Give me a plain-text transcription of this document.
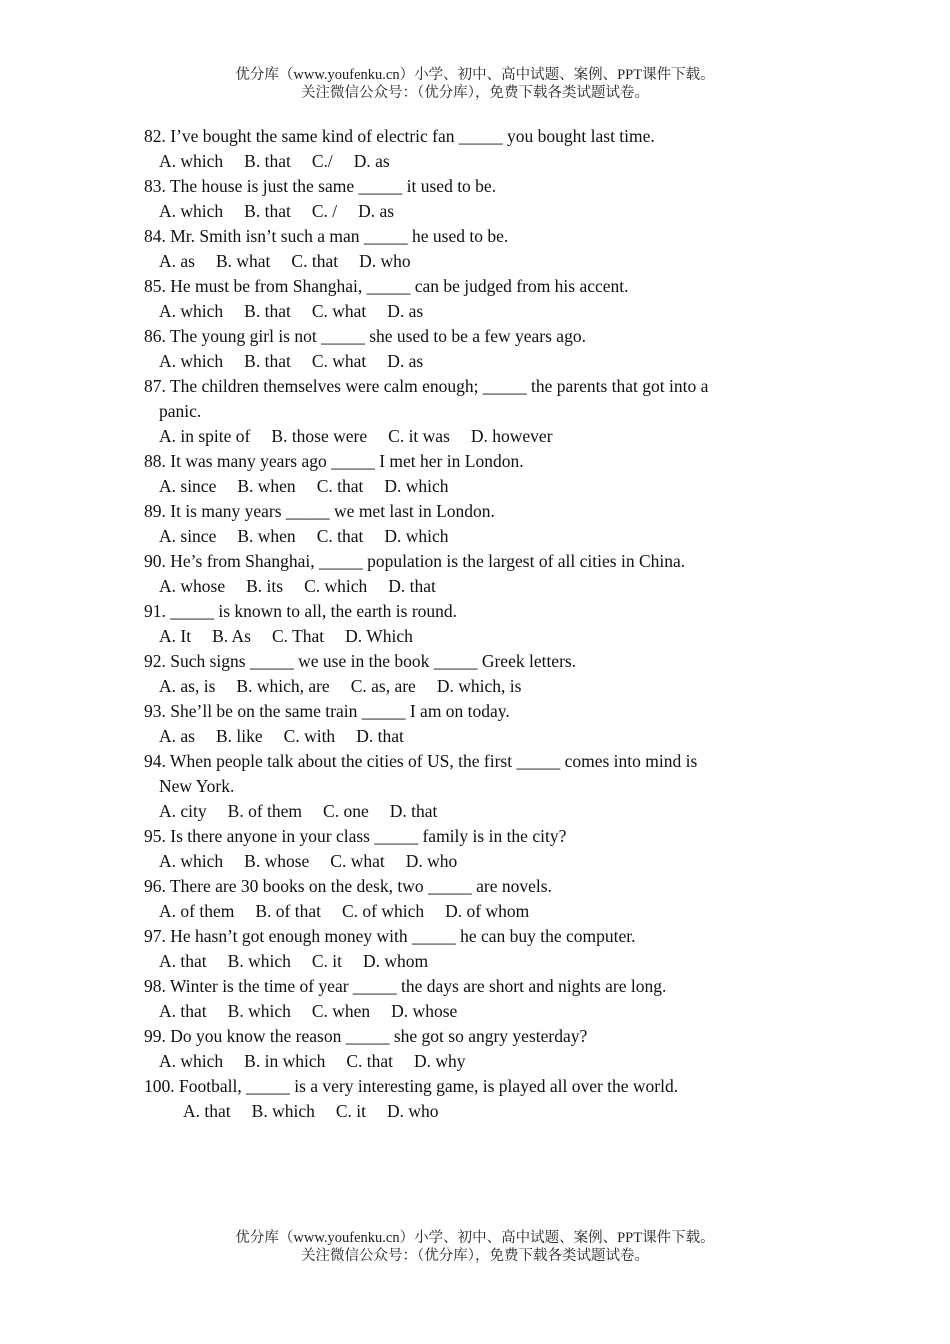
优分库（www.youfenku.cn）小学、初中、高中试题、案例、PPT课件下载。
关注微信公众号：（优分库），免费下载各类试题试卷。
82. I’ve bought the same kind of electric fan _____ you bought last time.
A. which B. that C./ D. as
83. The house is just the same _____ it used to be.
A. which B. that C. / D. as
84. Mr. Smith isn’t such a man _____ he used to be.
A. as B. what C. that D. who
85. He must be from Shanghai, _____ can be judged from his accent.
A. which B. that C. what D. as
86. The young girl is not _____ she used to be a few years ago.
A. which B. that C. what D. as
87. The children themselves were calm enough; _____ the parents that got into a
panic.
A. in spite of B. those were C. it was D. however
88. It was many years ago _____ I met her in London.
A. since B. when C. that D. which
89. It is many years _____ we met last in London.
A. since B. when C. that D. which
90. He’s from Shanghai, _____ population is the largest of all cities in China.
A. whose B. its C. which D. that
91. _____ is known to all, the earth is round.
A. It B. As C. That D. Which
92. Such signs _____ we use in the book _____ Greek letters.
A. as, is B. which, are C. as, are D. which, is
93. She’ll be on the same train _____ I am on today.
A. as B. like C. with D. that
94. When people talk about the cities of US, the first _____ comes into mind is
New York.
A. city B. of them C. one D. that
95. Is there anyone in your class _____ family is in the city?
A. which B. whose C. what D. who
96. There are 30 books on the desk, two _____ are novels.
A. of them B. of that C. of which D. of whom
97. He hasn’t got enough money with _____ he can buy the computer.
A. that B. which C. it D. whom
98. Winter is the time of year _____ the days are short and nights are long.
A. that B. which C. when D. whose
99. Do you know the reason _____ she got so angry yesterday?
A. which B. in which C. that D. why
100. Football, _____ is a very interesting game, is played all over the world.
A. that B. which C. it D. who
优分库（www.youfenku.cn）小学、初中、高中试题、案例、PPT课件下载。
关注微信公众号：（优分库），免费下载各类试题试卷。
